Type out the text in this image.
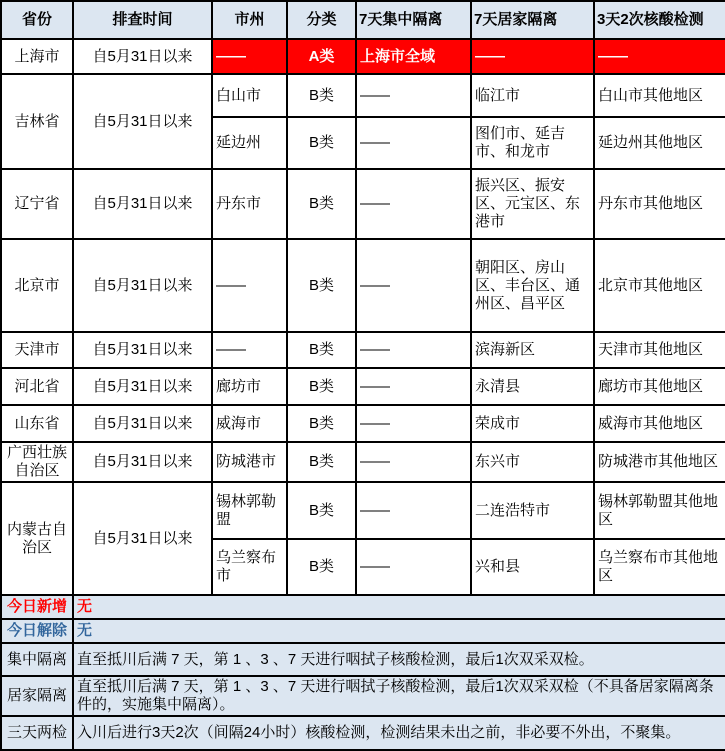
省份	排查时间	市州	分类	7天集中隔离	7天居家隔离	3天2次核酸检测
上海市	自5月31日以来	——	A类	上海市全域	——	——
吉林省	自5月31日以来	白山市	B类	——	临江市	白山市其他地区
		延边州	B类	——	图们市、延吉市、和龙市	延边州其他地区
辽宁省	自5月31日以来	丹东市	B类	——	振兴区、振安区、元宝区、东港市	丹东市其他地区
北京市	自5月31日以来	——	B类	——	朝阳区、房山区、丰台区、通州区、昌平区	北京市其他地区
天津市	自5月31日以来	——	B类	——	滨海新区	天津市其他地区
河北省	自5月31日以来	廊坊市	B类	——	永清县	廊坊市其他地区
山东省	自5月31日以来	威海市	B类	——	荣成市	威海市其他地区
广西壮族自治区	自5月31日以来	防城港市	B类	——	东兴市	防城港市其他地区
内蒙古自治区	自5月31日以来	锡林郭勒盟	B类	——	二连浩特市	锡林郭勒盟其他地区
		乌兰察布市	B类	——	兴和县	乌兰察布市其他地区
今日新增	无					
今日解除	无					
集中隔离	直至抵川后满 7 天，第 1 、3 、7 天进行咽拭子核酸检测，最后1次双采双检。					
居家隔离	直至抵川后满 7 天，第 1 、3 、7 天进行咽拭子核酸检测，最后1次双采双检（不具备居家隔离条件的，实施集中隔离）。					
三天两检	入川后进行3天2次（间隔24小时）核酸检测，检测结果未出之前，非必要不外出，不聚集。					
